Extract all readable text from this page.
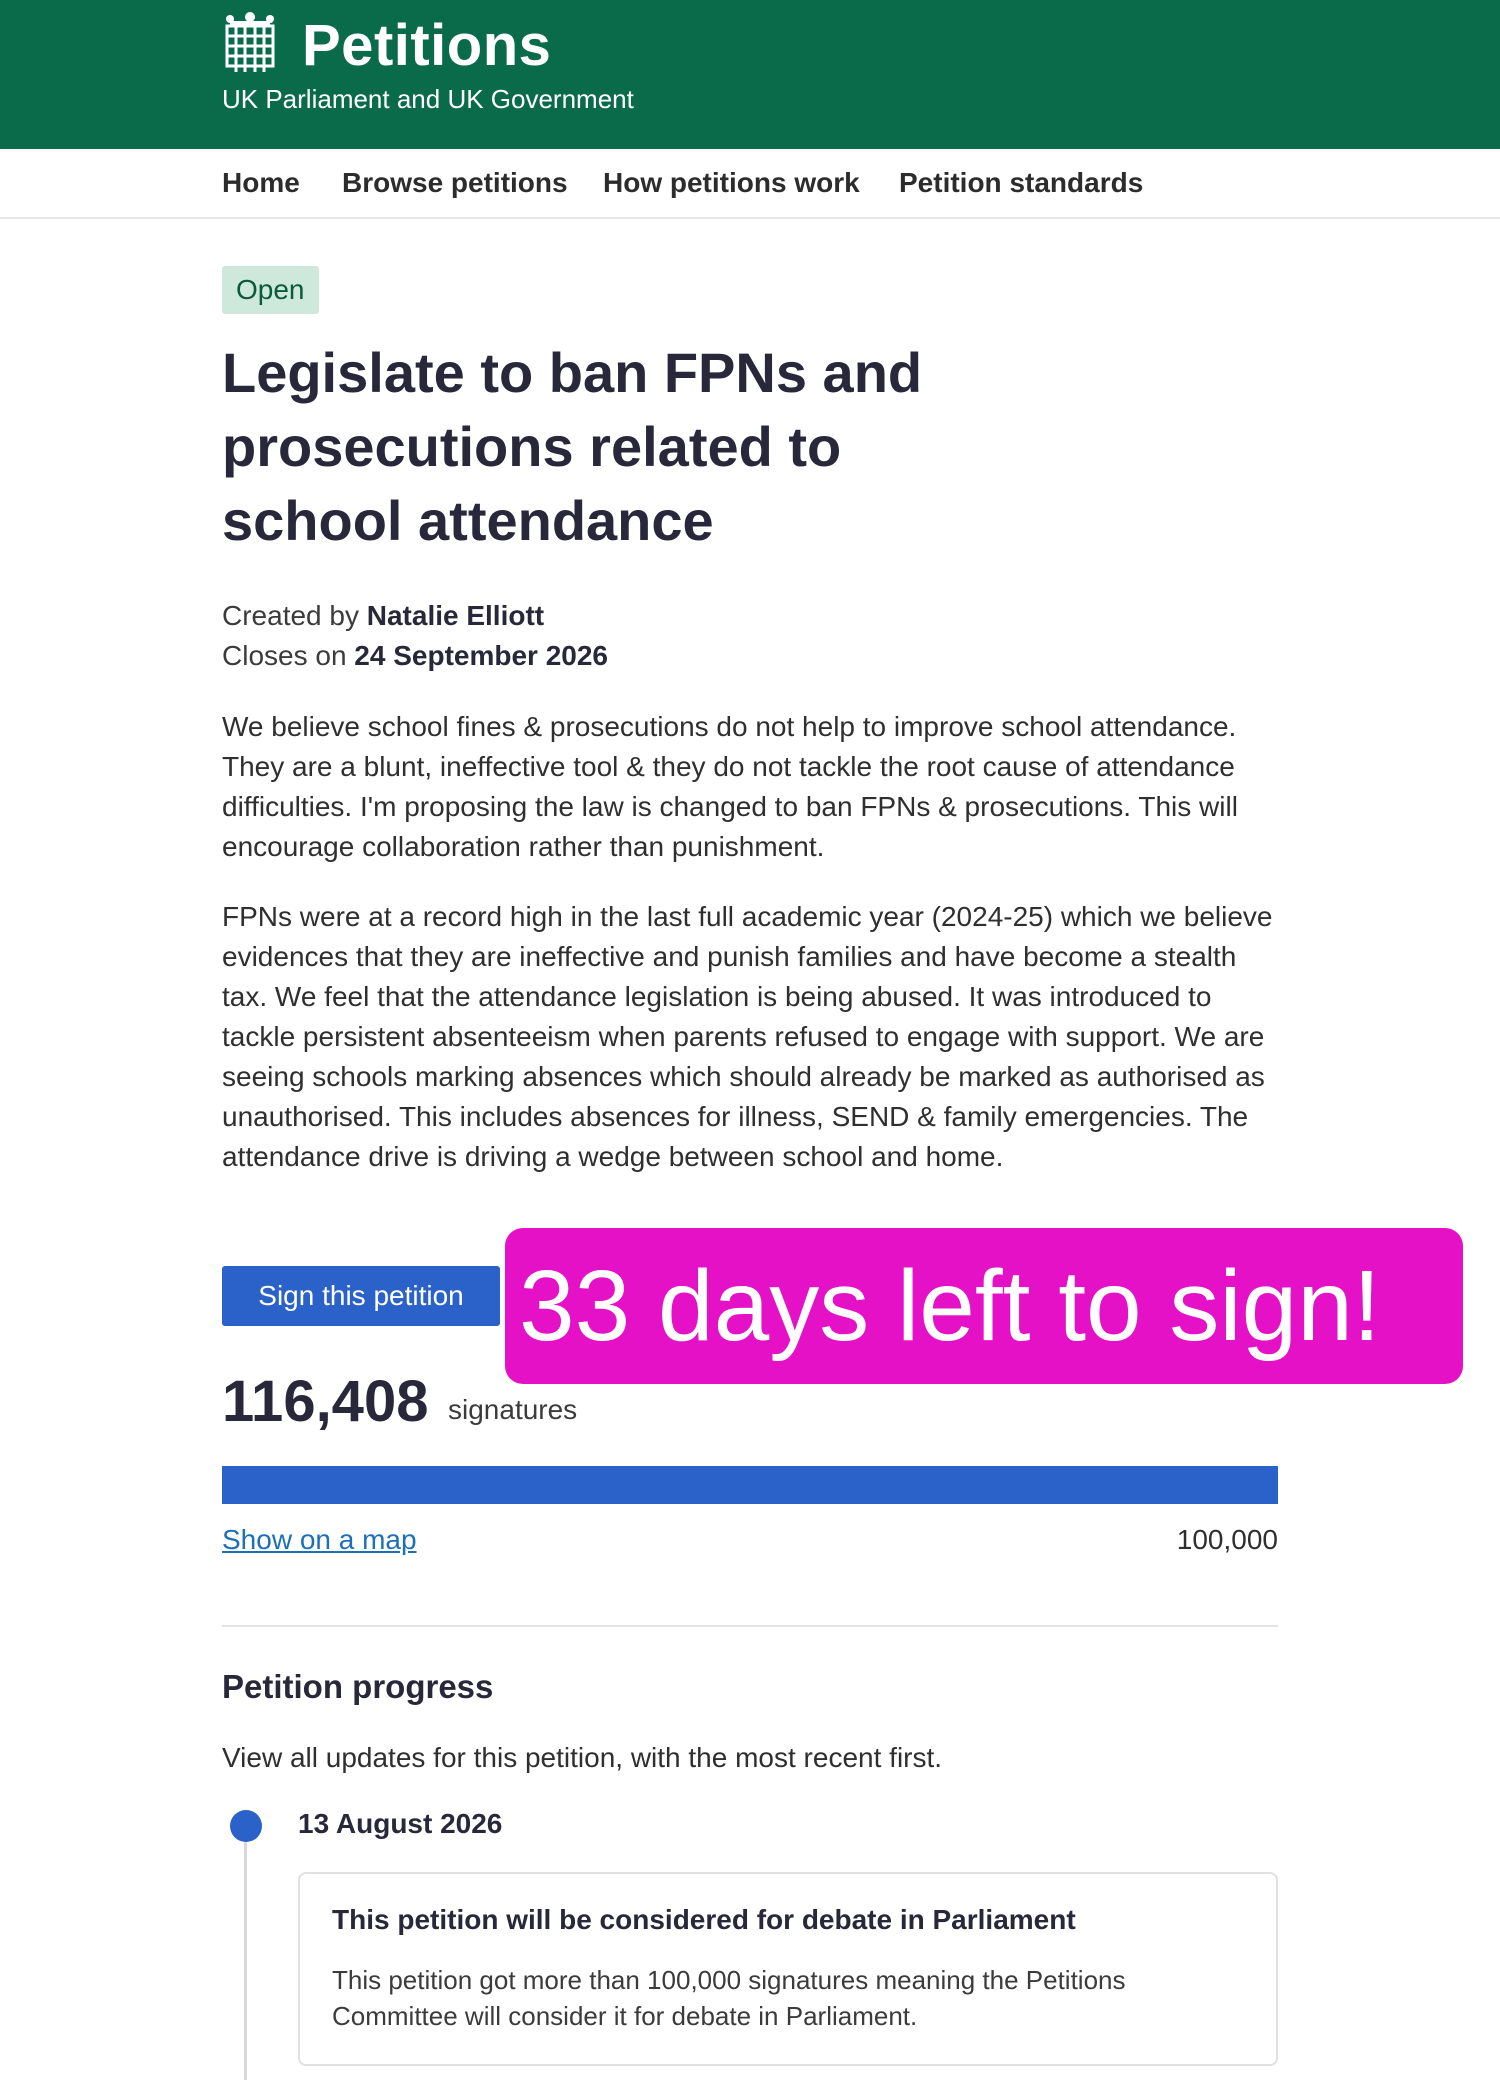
Petitions
UK Parliament and UK Government
Home Browse petitions How petitions work Petition standards
Open
Legislate to ban FPNs and prosecutions related to school attendance
Created by Natalie Elliott
Closes on 24 September 2026

We believe school fines & prosecutions do not help to improve school attendance. They are a blunt, ineffective tool & they do not tackle the root cause of attendance difficulties. I'm proposing the law is changed to ban FPNs & prosecutions. This will encourage collaboration rather than punishment.

FPNs were at a record high in the last full academic year (2024-25) which we believe evidences that they are ineffective and punish families and have become a stealth tax. We feel that the attendance legislation is being abused. It was introduced to tackle persistent absenteeism when parents refused to engage with support. We are seeing schools marking absences which should already be marked as authorised as unauthorised. This includes absences for illness, SEND & family emergencies. The attendance drive is driving a wedge between school and home.

Sign this petition 33 days left to sign!
116,408 signatures
Show on a map	100,000
Petition progress

View all updates for this petition, with the most recent first.

13 August 2026
This petition will be considered for debate in Parliament
This petition got more than 100,000 signatures meaning the Petitions Committee will consider it for debate in Parliament.
